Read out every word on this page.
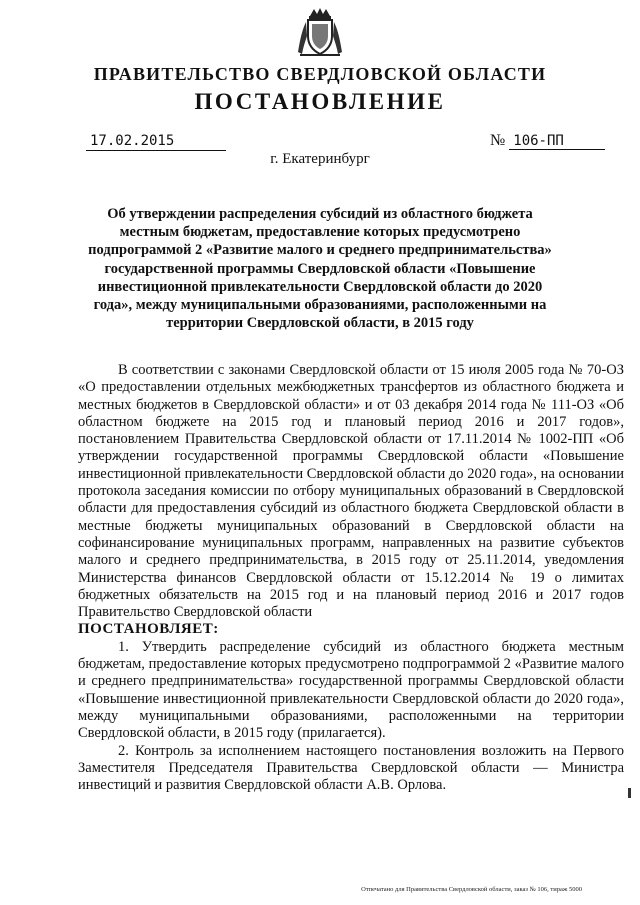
ПРАВИТЕЛЬСТВО СВЕРДЛОВСКОЙ ОБЛАСТИ
ПОСТАНОВЛЕНИЕ
17.02.2015	№ 106-ПП
г. Екатеринбург
Об утверждении распределения субсидий из областного бюджета местным бюджетам, предоставление которых предусмотрено подпрограммой 2 «Развитие малого и среднего предпринимательства» государственной программы Свердловской области «Повышение инвестиционной привлекательности Свердловской области до 2020 года», между муниципальными образованиями, расположенными на территории Свердловской области, в 2015 году

В соответствии с законами Свердловской области от 15 июля 2005 года № 70-ОЗ «О предоставлении отдельных межбюджетных трансфертов из областного бюджета и местных бюджетов в Свердловской области» и от 03 декабря 2014 года № 111-ОЗ «Об областном бюджете на 2015 год и плановый период 2016 и 2017 годов», постановлением Правительства Свердловской области от 17.11.2014 № 1002-ПП «Об утверждении государственной программы Свердловской области «Повышение инвестиционной привлекательности Свердловской области до 2020 года», на основании протокола заседания комиссии по отбору муниципальных образований в Свердловской области для предоставления субсидий из областного бюджета Свердловской области в местные бюджеты муниципальных образований в Свердловской области на софинансирование муниципальных программ, направленных на развитие субъектов малого и среднего предпринимательства, в 2015 году от 25.11.2014, уведомления Министерства финансов Свердловской области от 15.12.2014 № 19 о лимитах бюджетных обязательств на 2015 год и на плановый период 2016 и 2017 годов Правительство Свердловской области

ПОСТАНОВЛЯЕТ:

1. Утвердить распределение субсидий из областного бюджета местным бюджетам, предоставление которых предусмотрено подпрограммой 2 «Развитие малого и среднего предпринимательства» государственной программы Свердловской области «Повышение инвестиционной привлекательности Свердловской области до 2020 года», между муниципальными образованиями, расположенными на территории Свердловской области, в 2015 году (прилагается).

2. Контроль за исполнением настоящего постановления возложить на Первого Заместителя Председателя Правительства Свердловской области — Министра инвестиций и развития Свердловской области А.В. Орлова.

Отпечатано для Правительства Свердловской области, заказ № 106, тираж 5000
